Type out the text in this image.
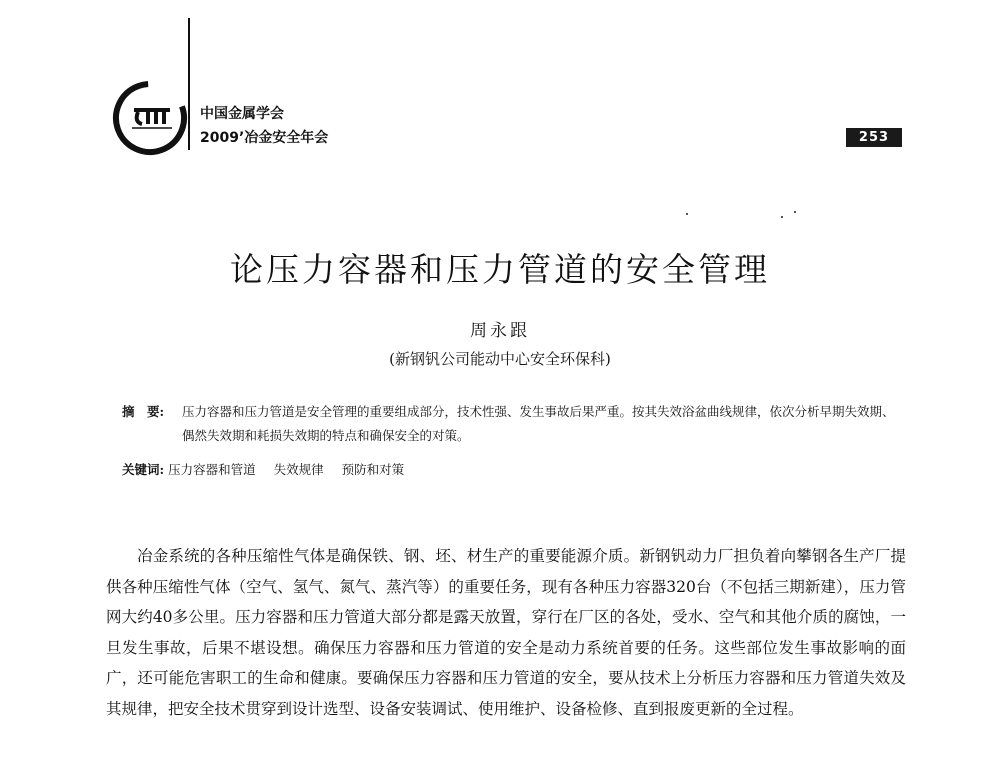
中国金属学会
2009’冶金安全年会	253
论压力容器和压力管道的安全管理
周永跟
(新钢钒公司能动中心安全环保科)
摘　要:	压力容器和压力管道是安全管理的重要组成部分，技术性强、发生事故后果严重。按其失效浴盆曲线规律，依次分析早期失效期、偶然失效期和耗损失效期的特点和确保安全的对策。
关键词: 压力容器和管道 失效规律 预防和对策

冶金系统的各种压缩性气体是确保铁、钢、坯、材生产的重要能源介质。新钢钒动力厂担负着向攀钢各生产厂提供各种压缩性气体（空气、氢气、氮气、蒸汽等）的重要任务，现有各种压力容器320台（不包括三期新建），压力管网大约40多公里。压力容器和压力管道大部分都是露天放置，穿行在厂区的各处，受水、空气和其他介质的腐蚀，一旦发生事故，后果不堪设想。确保压力容器和压力管道的安全是动力系统首要的任务。这些部位发生事故影响的面广，还可能危害职工的生命和健康。要确保压力容器和压力管道的安全，要从技术上分析压力容器和压力管道失效及其规律，把安全技术贯穿到设计选型、设备安装调试、使用维护、设备检修、直到报废更新的全过程。
